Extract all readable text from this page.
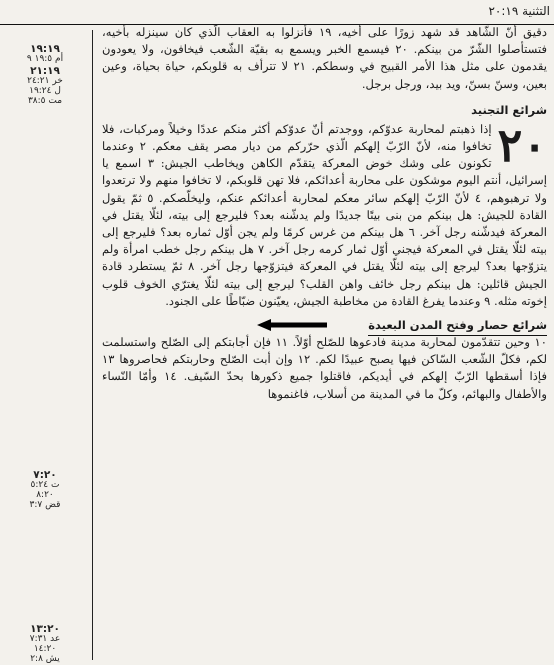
التثنية ٢٠:١٩
١٩:١٩
أم ١٩:٥ ٩
٢١:١٩
خر ٢٤:٢١
ل ١٩:٢٤
مت ٣٨:٥
٧:٢٠
ت ٥:٢٤
٨:٢٠
قض ٣:٧
١٣:٢٠
عد ٧:٣١
١٤:٢٠
يش ٢:٨

دقيق أنّ الشّاهد قد شهد زورًا على أخيه، ١٩ فأنزلوا به العقاب الّذي كان سينزله بأخيه، فتستأصلوا الشّرّ من بينكم. ٢٠ فيسمع الخبر ويسمع به بقيّة الشّعب فيخافون، ولا يعودون يقدمون على مثل هذا الأمر القبيح في وسطكم. ٢١ لا تترأف به قلوبكم، حياة بحياة، وعين بعين، وسنّ بسنّ، ويد بيد، ورجل برجل.

شرائع التجنيد
٢٠

إذا ذهبتم لمحاربة عدوّكم، ووجدتم أنّ عدوّكم أكثر منكم عددًا وخيلاً ومركبات، فلا تخافوا منه، لأنّ الرّبّ إلهكم الّذي حرّركم من ديار مصر يقف معكم. ٢ وعندما تكونون على وشك خوض المعركة يتقدّم الكاهن ويخاطب الجيش: ٣ اسمع يا إسرائيل، أنتم اليوم موشكون على محاربة أعدائكم، فلا تهن قلوبكم، لا تخافوا منهم ولا ترتعدوا ولا ترهبوهم، ٤ لأنّ الرّبّ إلهكم سائر معكم لمحاربة أعدائكم عنكم، وليخلّصكم. ٥ ثمّ يقول القادة للجيش: هل بينكم من بنى بيتًا جديدًا ولم يدشّنه بعد؟ فليرجع إلى بيته، لئلّا يقتل في المعركة فيدشّنه رجل آخر. ٦ هل بينكم من غرس كرمًا ولم يجن أوّل ثماره بعد؟ فليرجع إلى بيته لئلّا يقتل في المعركة فيجني أوّل ثمار كرمه رجل آخر. ٧ هل بينكم رجل خطب امرأة ولم يتزوّجها بعد؟ ليرجع إلى بيته لئلّا يقتل في المعركة فيتزوّجها رجل آخر. ٨ ثمّ يستطرد قادة الجيش قائلين: هل بينكم رجل خائف واهن القلب؟ ليرجع إلى بيته لئلّا يغترّي الخوف قلوب إخوته مثله. ٩ وعندما يفرغ القادة من مخاطبة الجيش، يعيّنون ضبّاطًا على الجنود.

شرائع حصار وفتح المدن البعيدة

١٠ وحين تتقدّمون لمحاربة مدينة فادعوها للصّلح أوّلاً. ١١ فإن أجابتكم إلى الصّلح واستسلمت لكم، فكلّ الشّعب السّاكن فيها يصبح عبيدًا لكم. ١٢ وإن أبت الصّلح وحاربتكم فحاصروها ١٣ فإذا أسقطها الرّبّ إلهكم في أيديكم، فاقتلوا جميع ذكورها بحدّ السّيف. ١٤ وأمّا النّساء والأطفال والبهائم، وكلّ ما في المدينة من أسلاب، فاغنموها
